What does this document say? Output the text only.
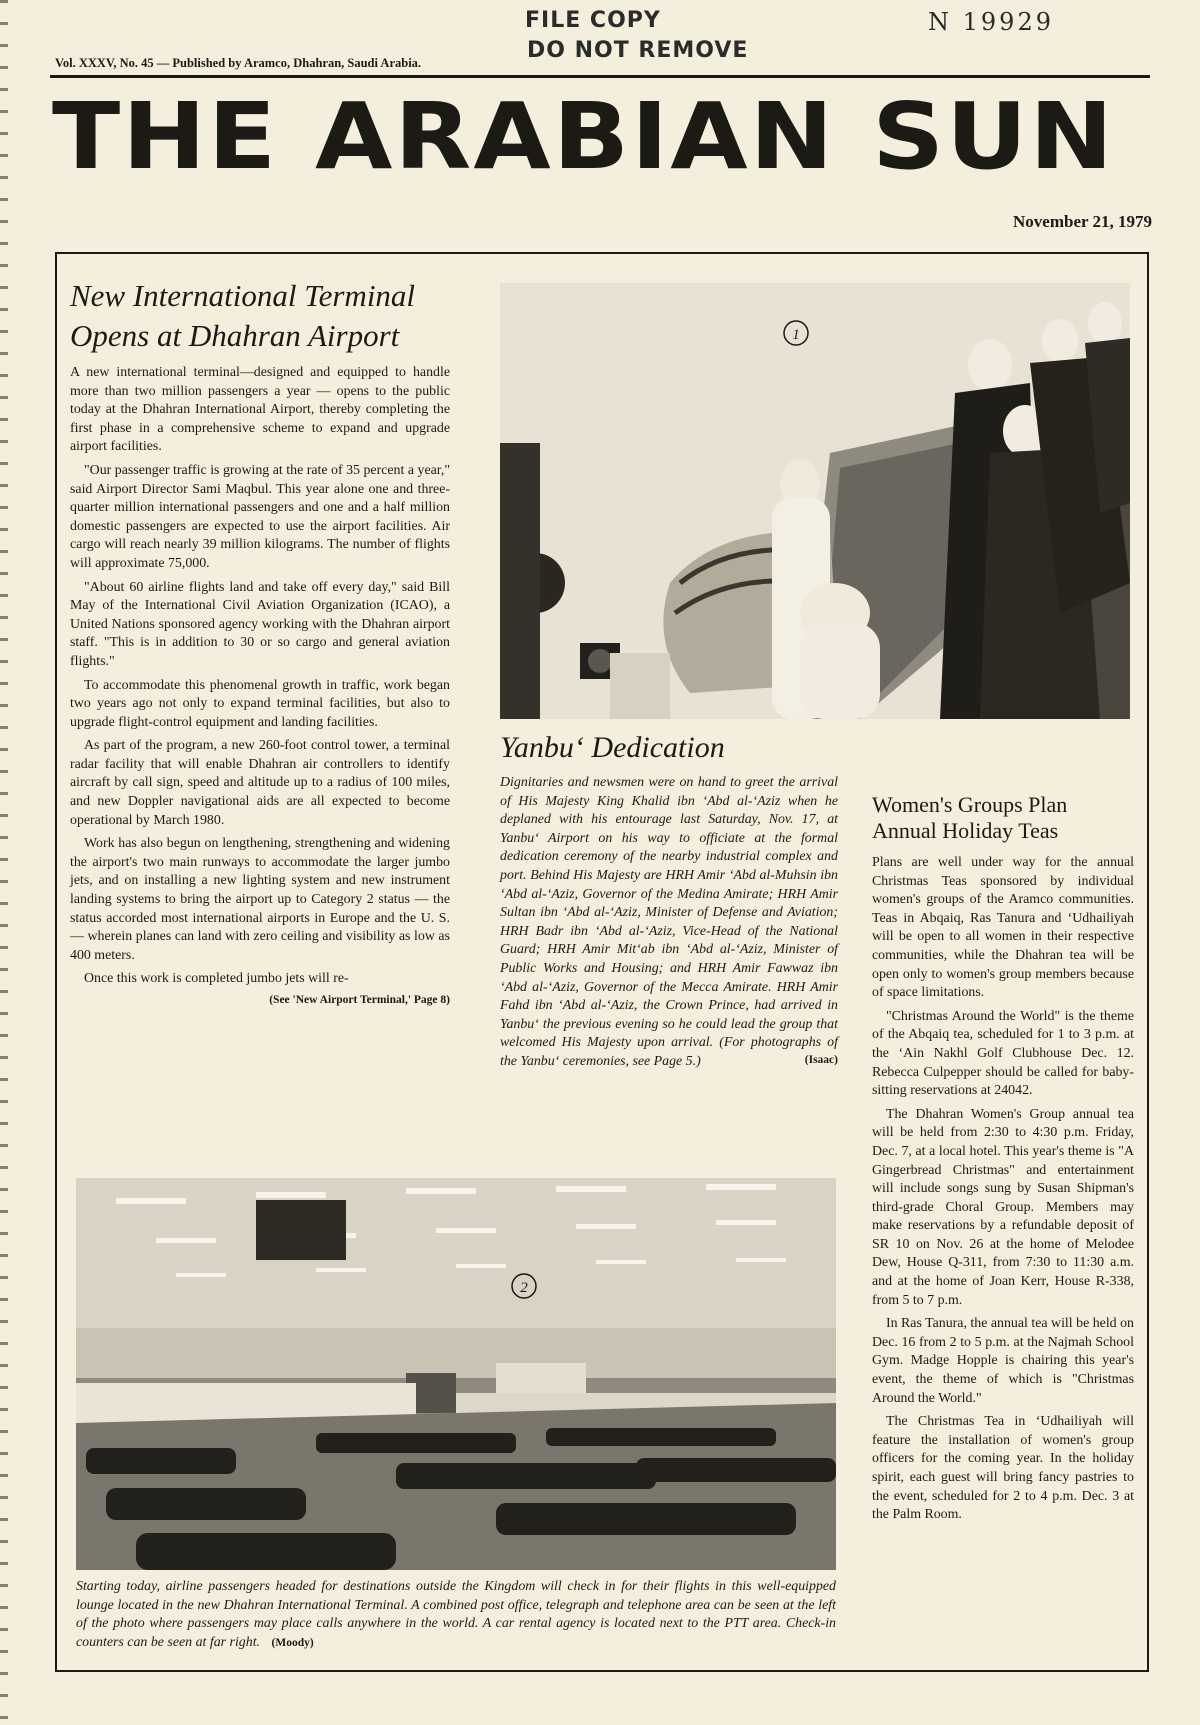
FILE COPY
DO NOT REMOVE
N 19929
Vol. XXXV, No. 45 — Published by Aramco, Dhahran, Saudi Arabia.
THE ARABIAN SUN
November 21, 1979
New International Terminal
Opens at Dhahran Airport

A new international terminal—designed and equipped to handle more than two million passengers a year — opens to the public today at the Dhahran International Airport, thereby completing the first phase in a comprehensive scheme to expand and upgrade airport facilities.

"Our passenger traffic is growing at the rate of 35 percent a year," said Airport Director Sami Maqbul. This year alone one and three-quarter million international passengers and one and a half million domestic passengers are expected to use the airport facilities. Air cargo will reach nearly 39 million kilograms. The number of flights will approximate 75,000.

"About 60 airline flights land and take off every day," said Bill May of the International Civil Aviation Organization (ICAO), a United Nations sponsored agency working with the Dhahran airport staff. "This is in addition to 30 or so cargo and general aviation flights."

To accommodate this phenomenal growth in traffic, work began two years ago not only to expand terminal facilities, but also to upgrade flight-control equipment and landing facilities.

As part of the program, a new 260-foot control tower, a terminal radar facility that will enable Dhahran air controllers to identify aircraft by call sign, speed and altitude up to a radius of 100 miles, and new Doppler navigational aids are all expected to become operational by March 1980.

Work has also begun on lengthening, strengthening and widening the airport's two main runways to accommodate the larger jumbo jets, and on installing a new lighting system and new instrument landing systems to bring the airport up to Category 2 status — the status accorded most international airports in Europe and the U. S. — wherein planes can land with zero ceiling and visibility as low as 400 meters.

Once this work is completed jumbo jets will re-

(See 'New Airport Terminal,' Page 8)
1
Yanbu‘ Dedication
Dignitaries and newsmen were on hand to greet the arrival of His Majesty King Khalid ibn ‘Abd al-‘Aziz when he deplaned with his entourage last Saturday, Nov. 17, at Yanbu‘ Airport on his way to officiate at the formal dedication ceremony of the nearby industrial complex and port. Behind His Majesty are HRH Amir ‘Abd al-Muhsin ibn ‘Abd al-‘Aziz, Governor of the Medina Amirate; HRH Amir Sultan ibn ‘Abd al-‘Aziz, Minister of Defense and Aviation; HRH Badr ibn ‘Abd al-‘Aziz, Vice-Head of the National Guard; HRH Amir Mit‘ab ibn ‘Abd al-‘Aziz, Minister of Public Works and Housing; and HRH Amir Fawwaz ibn ‘Abd al-‘Aziz, Governor of the Mecca Amirate. HRH Amir Fahd ibn ‘Abd al-‘Aziz, the Crown Prince, had arrived in Yanbu‘ the previous evening so he could lead the group that welcomed His Majesty upon arrival. (For photographs of the Yanbu‘ ceremonies, see Page 5.)	(Isaac)
Women's Groups Plan
Annual Holiday Teas

Plans are well under way for the annual Christmas Teas sponsored by individual women's groups of the Aramco communities. Teas in Abqaiq, Ras Tanura and ‘Udhailiyah will be open to all women in their respective communities, while the Dhahran tea will be open only to women's group members because of space limitations.

"Christmas Around the World" is the theme of the Abqaiq tea, scheduled for 1 to 3 p.m. at the ‘Ain Nakhl Golf Clubhouse Dec. 12. Rebecca Culpepper should be called for baby-sitting reservations at 24042.

The Dhahran Women's Group annual tea will be held from 2:30 to 4:30 p.m. Friday, Dec. 7, at a local hotel. This year's theme is "A Gingerbread Christmas" and entertainment will include songs sung by Susan Shipman's third-grade Choral Group. Members may make reservations by a refundable deposit of SR 10 on Nov. 26 at the home of Melodee Dew, House Q-311, from 7:30 to 11:30 a.m. and at the home of Joan Kerr, House R-338, from 5 to 7 p.m.

In Ras Tanura, the annual tea will be held on Dec. 16 from 2 to 5 p.m. at the Najmah School Gym. Madge Hopple is chairing this year's event, the theme of which is "Christmas Around the World."

The Christmas Tea in ‘Udhailiyah will feature the installation of women's group officers for the coming year. In the holiday spirit, each guest will bring fancy pastries to the event, scheduled for 2 to 4 p.m. Dec. 3 at the Palm Room.

2
Starting today, airline passengers headed for destinations outside the Kingdom will check in for their flights in this well-equipped lounge located in the new Dhahran International Terminal. A combined post office, telegraph and telephone area can be seen at the left of the photo where passengers may place calls anywhere in the world. A car rental agency is located next to the PTT area. Check-in counters can be seen at far right. (Moody)
